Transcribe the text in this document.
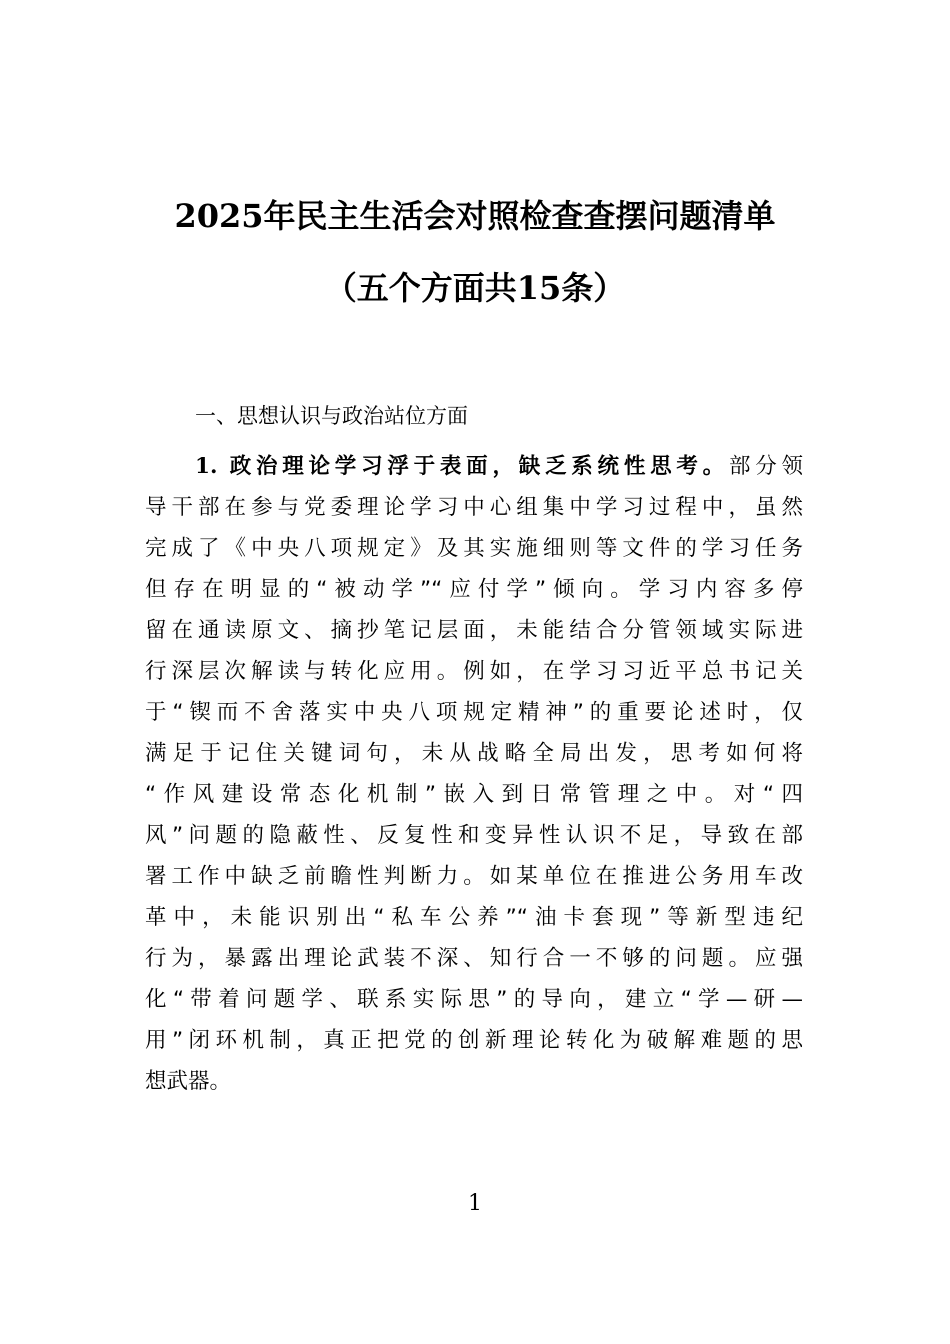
2025年民主生活会对照检查查摆问题清单
（五个方面共15条）
一、思想认识与政治站位方面
1. 政治理论学习浮于表面，缺乏系统性思考。部分领
导干部在参与党委理论学习中心组集中学习过程中，虽然
完成了《中央八项规定》及其实施细则等文件的学习任务
但存在明显的“被动学”“应付学”倾向。学习内容多停
留在通读原文、摘抄笔记层面，未能结合分管领域实际进
行深层次解读与转化应用。例如，在学习习近平总书记关
于“锲而不舍落实中央八项规定精神”的重要论述时，仅
满足于记住关键词句，未从战略全局出发，思考如何将
“作风建设常态化机制”嵌入到日常管理之中。对“四
风”问题的隐蔽性、反复性和变异性认识不足，导致在部
署工作中缺乏前瞻性判断力。如某单位在推进公务用车改
革中，未能识别出“私车公养”“油卡套现”等新型违纪
行为，暴露出理论武装不深、知行合一不够的问题。应强
化“带着问题学、联系实际思”的导向，建立“学—研—
用”闭环机制，真正把党的创新理论转化为破解难题的思
想武器。
1
